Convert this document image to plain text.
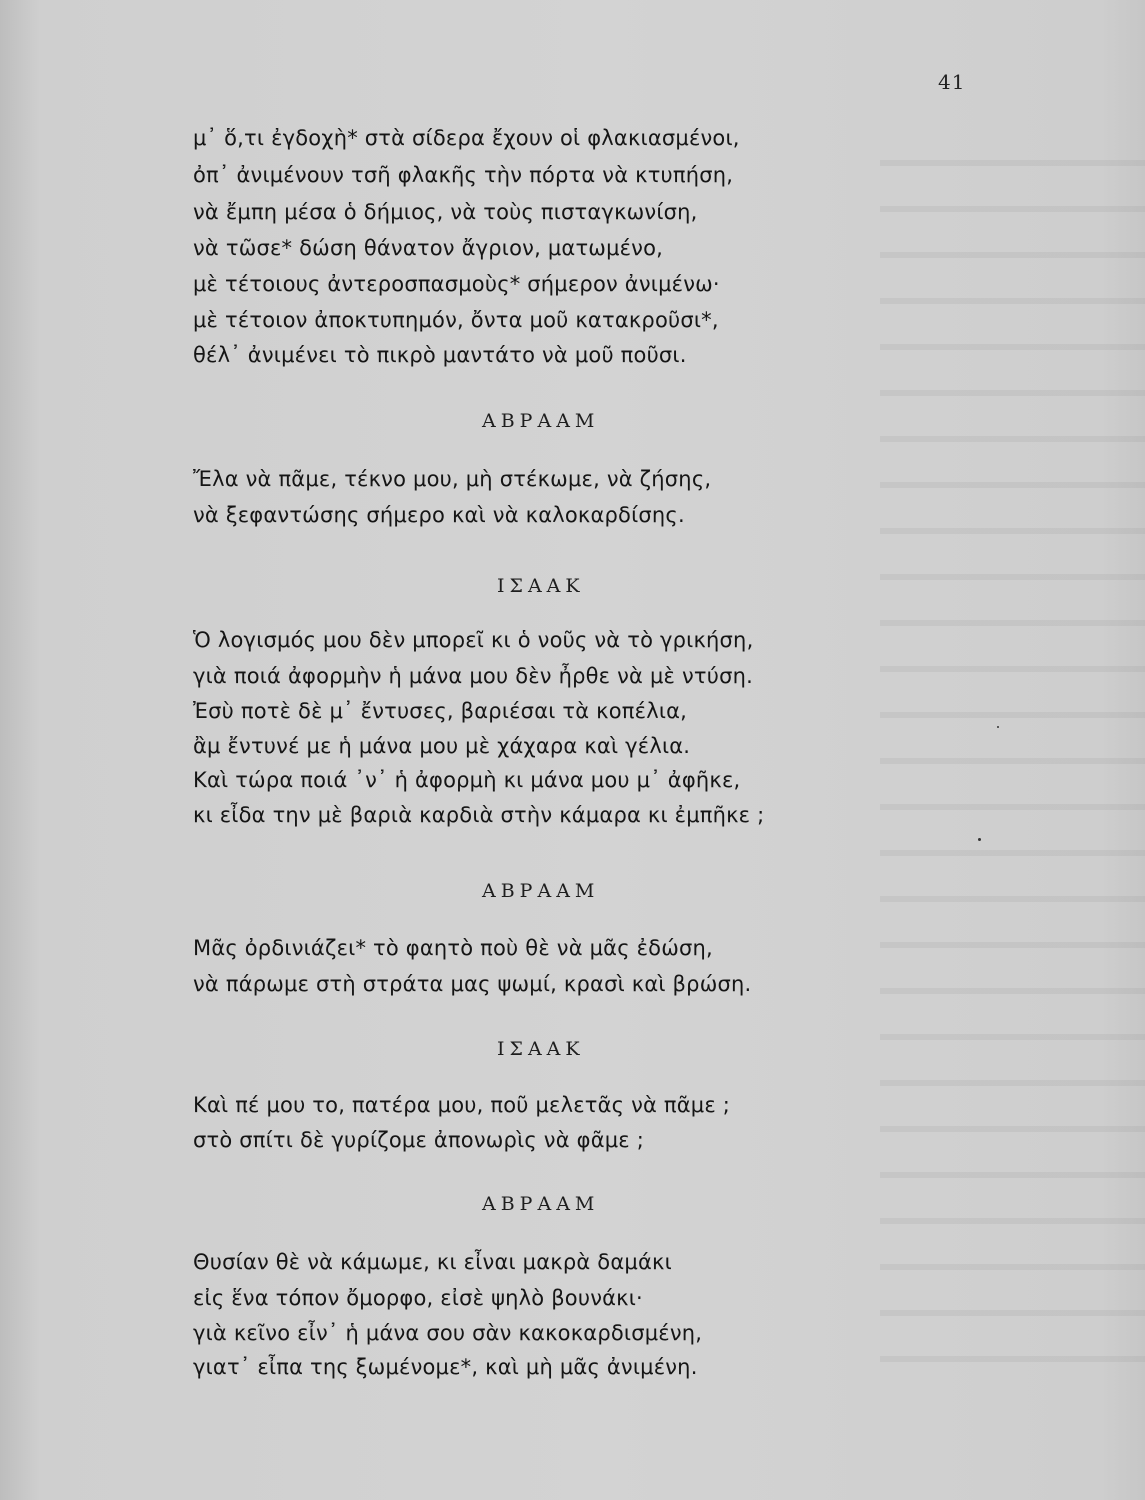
41
μ᾽ ὅ,τι ἐγδοχὴ* στὰ σίδερα ἔχουν οἱ φλακιασμένοι,
ὀπ᾽ ἀνιμένουν τσῆ φλακῆς τὴν πόρτα νὰ κτυπήση,
νὰ ἔμπη μέσα ὁ δήμιος, νὰ τοὺς πισταγκωνίση,
νὰ τῶσε* δώση θάνατον ἄγριον, ματωμένο,
μὲ τέτοιους ἀντεροσπασμοὺς* σήμερον ἀνιμένω·
μὲ τέτοιον ἀποκτυπημόν, ὄντα μοῦ κατακροῦσι*,
θέλ᾽ ἀνιμένει τὸ πικρὸ μαντάτο νὰ μοῦ ποῦσι.
ΑΒΡΑΑΜ
Ἔλα νὰ πᾶμε, τέκνο μου, μὴ στέκωμε, νὰ ζήσης,
νὰ ξεφαντώσης σήμερο καὶ νὰ καλοκαρδίσης.
ΙΣΑΑΚ
Ὁ λογισμός μου δὲν μπορεῖ κι ὁ νοῦς νὰ τὸ γρικήση,
γιὰ ποιά ἀφορμὴν ἡ μάνα μου δὲν ἦρθε νὰ μὲ ντύση.
Ἐσὺ ποτὲ δὲ μ᾽ ἔντυσες, βαριέσαι τὰ κοπέλια,
ἂμ ἔντυνέ με ἡ μάνα μου μὲ χάχαρα καὶ γέλια.
Καὶ τώρα ποιά ᾽ν᾽ ἡ ἀφορμὴ κι μάνα μου μ᾽ ἀφῆκε,
κι εἶδα την μὲ βαριὰ καρδιὰ στὴν κάμαρα κι ἐμπῆκε ;
ΑΒΡΑΑΜ
Μᾶς ὀρδινιάζει* τὸ φαητὸ ποὺ θὲ νὰ μᾶς ἐδώση,
νὰ πάρωμε στὴ στράτα μας ψωμί, κρασὶ καὶ βρώση.
ΙΣΑΑΚ
Καὶ πέ μου το, πατέρα μου, ποῦ μελετᾶς νὰ πᾶμε ;
στὸ σπίτι δὲ γυρίζομε ἀπονωρὶς νὰ φᾶμε ;
ΑΒΡΑΑΜ
Θυσίαν θὲ νὰ κάμωμε, κι εἶναι μακρὰ δαμάκι
εἰς ἕνα τόπον ὄμορφο, εἰσὲ ψηλὸ βουνάκι·
γιὰ κεῖνο εἶν᾽ ἡ μάνα σου σὰν κακοκαρδισμένη,
γιατ᾽ εἶπα της ξωμένομε*, καὶ μὴ μᾶς ἀνιμένη.
